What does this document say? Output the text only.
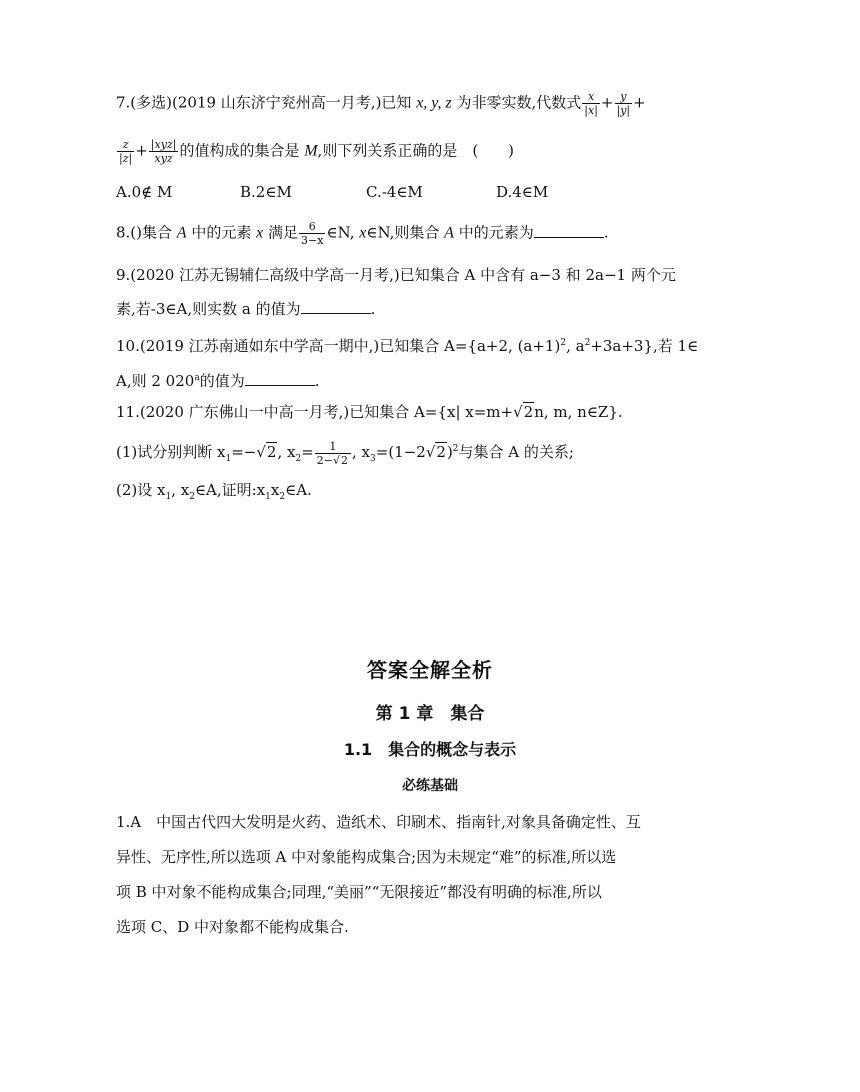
7.(多选)(2019 山东济宁兖州高一月考,)已知 x, y, z 为非零实数,代数式 $\frac{x}{|x|} + \frac{y}{|y|}$ +
$\frac{z}{|z|} + \frac{\text{|xyz|}}{\text{xyz}}$ 的值构成的集合是 M,则下列关系正确的是　(　　)
A.0∉ M	B.2∈M	C.-4∈M	D.4∈M
8.()集合 A 中的元素 x 满足 $\frac{6}{3-x}$ ∈N, x∈N,则集合 A 中的元素为	.
9.(2020 江苏无锡辅仁高级中学高一月考,)已知集合 A 中含有 a−3 和 2a−1 两个元
素,若-3∈A,则实数 a 的值为	.
10.(2019 江苏南通如东中学高一期中,)已知集合 A={a+2, $(a+1)^2$, $a^2+3a+3$},若 1∈
A,则 2 020$^a$的值为	.
11.(2020 广东佛山一中高一月考,)已知集合 A={x| x=m+√2n, m, n∈Z}.
(1)试分别判断 $x_1=-√2$, $x_2= \frac{1}{2-√2}$ , $x_3=(1-2√2)^2$与集合 A 的关系;
(2)设 $x_1$, $x_2\in A$,证明$:x_1x_2\in A$.
答案全解全析
第 1 章　集合
1.1　集合的概念与表示
必练基础
1.A　中国古代四大发明是火药、造纸术、印刷术、指南针,对象具备确定性、互
异性、无序性,所以选项 A 中对象能构成集合;因为未规定“难”的标准,所以选
项 B 中对象不能构成集合;同理,“美丽”“无限接近”都没有明确的标准,所以
选项 C、D 中对象都不能构成集合.
